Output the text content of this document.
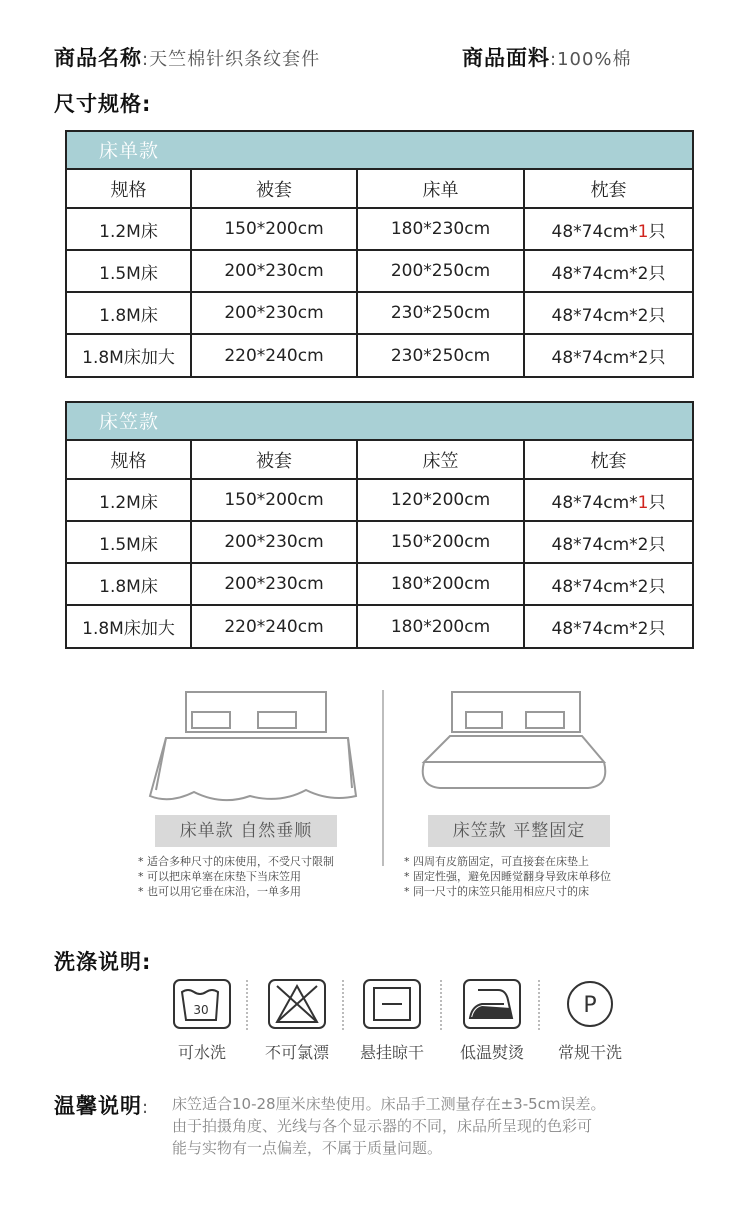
商品名称:天竺棉针织条纹套件	商品面料:100%棉
尺寸规格:
床单款
规格	被套	床单	枕套
1.2M床	150*200cm	180*230cm	48*74cm*1只
1.5M床	200*230cm	200*250cm	48*74cm*2只
1.8M床	200*230cm	230*250cm	48*74cm*2只
1.8M床加大	220*240cm	230*250cm	48*74cm*2只
床笠款
规格	被套	床笠	枕套
1.2M床	150*200cm	120*200cm	48*74cm*1只
1.5M床	200*230cm	150*200cm	48*74cm*2只
1.8M床	200*230cm	180*200cm	48*74cm*2只
1.8M床加大	220*240cm	180*200cm	48*74cm*2只
床单款 自然垂顺	床笠款 平整固定
* 适合多种尺寸的床使用，不受尺寸限制
* 可以把床单塞在床垫下当床笠用
* 也可以用它垂在床沿，一单多用
* 四周有皮筋固定，可直接套在床垫上
* 固定性强，避免因睡觉翻身导致床单移位
* 同一尺寸的床笠只能用相应尺寸的床
洗涤说明:
30
可水洗	不可氯漂	悬挂晾干	低温熨烫
P
常规干洗
温馨说明: 床笠适合10-28厘米床垫使用。床品手工测量存在±3-5cm误差。
由于拍摄角度、光线与各个显示器的不同，床品所呈现的色彩可
能与实物有一点偏差，不属于质量问题。
